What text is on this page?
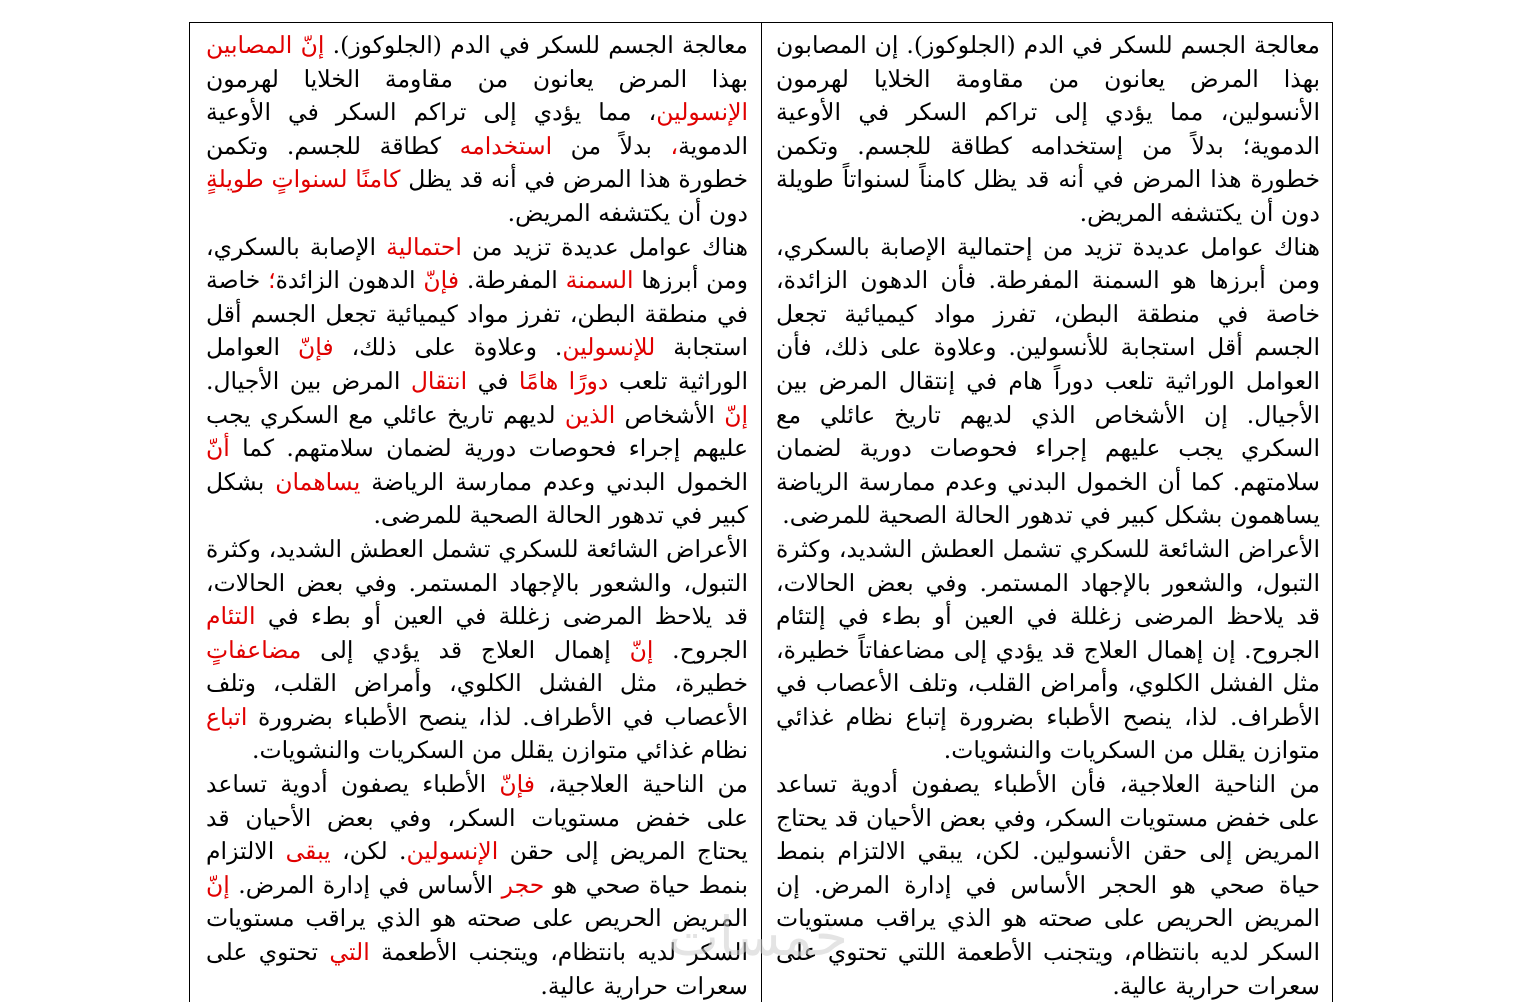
معالجة الجسم للسكر في الدم (الجلوكوز). إنّ المصابين بهذا المرض يعانون من مقاومة الخلايا لهرمون الإنسولين، مما يؤدي إلى تراكم السكر في الأوعية الدموية، بدلاً من استخدامه كطاقة للجسم. وتكمن خطورة هذا المرض في أنه قد يظل كامنًا لسنواتٍ طويلةٍ دون أن يكتشفه المريض.

هناك عوامل عديدة تزيد من احتمالية الإصابة بالسكري، ومن أبرزها السمنة المفرطة. فإنّ الدهون الزائدة؛ خاصة في منطقة البطن، تفرز مواد كيميائية تجعل الجسم أقل استجابة للإنسولين. وعلاوة على ذلك، فإنّ العوامل الوراثية تلعب دورًا هامًا في انتقال المرض بين الأجيال. إنّ الأشخاص الذين لديهم تاريخ عائلي مع السكري يجب عليهم إجراء فحوصات دورية لضمان سلامتهم. كما أنّ الخمول البدني وعدم ممارسة الرياضة يساهمان بشكل كبير في تدهور الحالة الصحية للمرضى.

الأعراض الشائعة للسكري تشمل العطش الشديد، وكثرة التبول، والشعور بالإجهاد المستمر. وفي بعض الحالات، قد يلاحظ المرضى زغللة في العين أو بطء في التئام الجروح. إنّ إهمال العلاج قد يؤدي إلى مضاعفاتٍ خطيرة، مثل الفشل الكلوي، وأمراض القلب، وتلف الأعصاب في الأطراف. لذا، ينصح الأطباء بضرورة اتباع نظام غذائي متوازن يقلل من السكريات والنشويات.

من الناحية العلاجية، فإنّ الأطباء يصفون أدوية تساعد على خفض مستويات السكر، وفي بعض الأحيان قد يحتاج المريض إلى حقن الإنسولين. لكن، يبقى الالتزام بنمط حياة صحي هو حجر الأساس في إدارة المرض. إنّ المريض الحريص على صحته هو الذي يراقب مستويات السكر لديه بانتظام، ويتجنب الأطعمة التي تحتوي على سعرات حرارية عالية.

معالجة الجسم للسكر في الدم (الجلوكوز). إن المصابون بهذا المرض يعانون من مقاومة الخلايا لهرمون الأنسولين، مما يؤدي إلى تراكم السكر في الأوعية الدموية؛ بدلاً من إستخدامه كطاقة للجسم. وتكمن خطورة هذا المرض في أنه قد يظل كامناً لسنواتاً طويلة دون أن يكتشفه المريض.

هناك عوامل عديدة تزيد من إحتمالية الإصابة بالسكري، ومن أبرزها هو السمنة المفرطة. فأن الدهون الزائدة، خاصة في منطقة البطن، تفرز مواد كيميائية تجعل الجسم أقل استجابة للأنسولين. وعلاوة على ذلك، فأن العوامل الوراثية تلعب دوراً هام في إنتقال المرض بين الأجيال. إن الأشخاص الذي لديهم تاريخ عائلي مع السكري يجب عليهم إجراء فحوصات دورية لضمان سلامتهم. كما أن الخمول البدني وعدم ممارسة الرياضة يساهمون بشكل كبير في تدهور الحالة الصحية للمرضى.

الأعراض الشائعة للسكري تشمل العطش الشديد، وكثرة التبول، والشعور بالإجهاد المستمر. وفي بعض الحالات، قد يلاحظ المرضى زغللة في العين أو بطء في إلتئام الجروح. إن إهمال العلاج قد يؤدي إلى مضاعفاتاً خطيرة، مثل الفشل الكلوي، وأمراض القلب، وتلف الأعصاب في الأطراف. لذا، ينصح الأطباء بضرورة إتباع نظام غذائي متوازن يقلل من السكريات والنشويات.

من الناحية العلاجية، فأن الأطباء يصفون أدوية تساعد على خفض مستويات السكر، وفي بعض الأحيان قد يحتاج المريض إلى حقن الأنسولين. لكن، يبقي الالتزام بنمط حياة صحي هو الحجر الأساس في إدارة المرض. إن المريض الحريص على صحته هو الذي يراقب مستويات السكر لديه بانتظام، ويتجنب الأطعمة اللتي تحتوي على سعرات حرارية عالية.

خمسات
